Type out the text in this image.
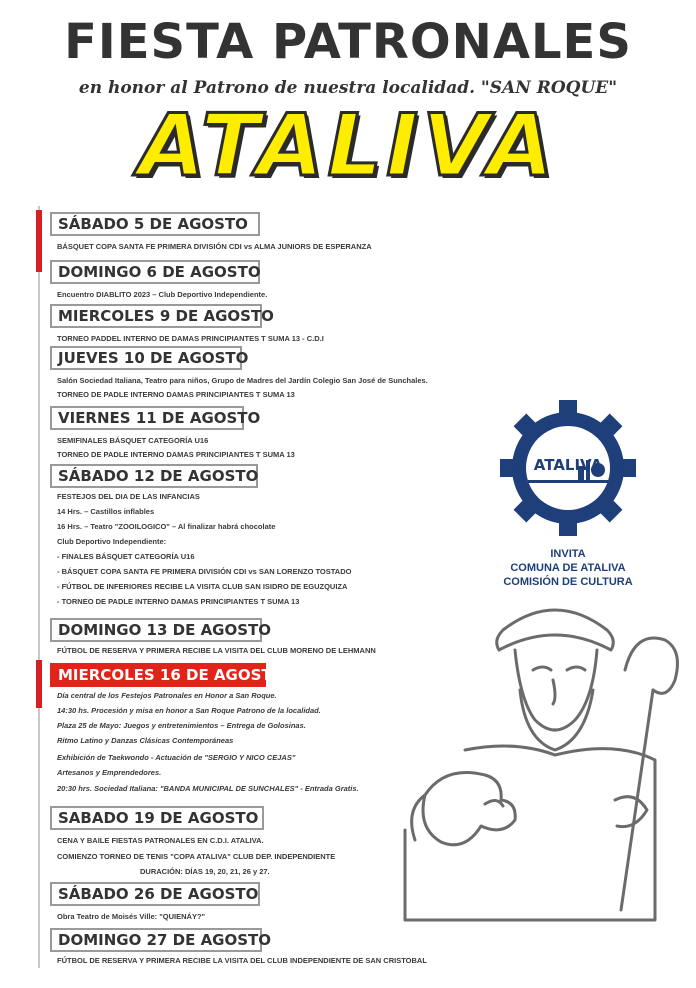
FIESTA PATRONALES
en honor al Patrono de nuestra localidad. "SAN ROQUE"
ATALIVA
SÁBADO 5 DE AGOSTO
BÁSQUET COPA SANTA FE PRIMERA DIVISIÓN CDI vs ALMA JUNIORS DE ESPERANZA
DOMINGO 6 DE AGOSTO
Encuentro DIABLITO 2023 – Club Deportivo Independiente.
MIERCOLES 9 DE AGOSTO
TORNEO PADDEL INTERNO DE DAMAS PRINCIPIANTES T SUMA 13 - C.D.I
JUEVES 10 DE AGOSTO
Salón Sociedad Italiana, Teatro para niños, Grupo de Madres del Jardín Colegio San José de Sunchales.
TORNEO DE PADLE INTERNO DAMAS PRINCIPIANTES T SUMA 13
VIERNES 11 DE AGOSTO
SEMIFINALES BÁSQUET CATEGORÍA U16
TORNEO DE PADLE INTERNO DAMAS PRINCIPIANTES T SUMA 13
SÁBADO 12 DE AGOSTO
FESTEJOS DEL DIA DE LAS INFANCIAS
14 Hrs. – Castillos inflables
16 Hrs. – Teatro "ZOOILOGICO" – Al finalizar habrá chocolate
Club Deportivo Independiente:
- FINALES BÁSQUET CATEGORÍA U16
- BÁSQUET COPA SANTA FE PRIMERA DIVISIÓN CDI vs SAN LORENZO TOSTADO
- FÚTBOL DE INFERIORES RECIBE LA VISITA CLUB SAN ISIDRO DE EGUZQUIZA
- TORNEO DE PADLE INTERNO DAMAS PRINCIPIANTES T SUMA 13
DOMINGO 13 DE AGOSTO
FÚTBOL DE RESERVA Y PRIMERA RECIBE LA VISITA DEL CLUB MORENO DE LEHMANN
MIERCOLES 16 DE AGOSTO
Día central de los Festejos Patronales en Honor a San Roque.
14:30 hs. Procesión y misa en honor a San Roque Patrono de la localidad.
Plaza 25 de Mayo: Juegos y entretenimientos – Entrega de Golosinas.
Ritmo Latino y Danzas Clásicas Contemporáneas
Exhibición de Taekwondo - Actuación de "SERGIO Y NICO CEJAS"
Artesanos y Emprendedores.
20:30 hrs. Sociedad Italiana: "BANDA MUNICIPAL DE SUNCHALES" - Entrada Gratis.
SABADO 19 DE AGOSTO
CENA Y BAILE FIESTAS PATRONALES EN C.D.I. ATALIVA.
COMIENZO TORNEO DE TENIS "COPA ATALIVA" CLUB DEP. INDEPENDIENTE
DURACIÓN: DÍAS 19, 20, 21, 26 y 27.
SÁBADO 26 DE AGOSTO
Obra Teatro de Moisés Ville: "QUIENÁY?"
DOMINGO 27 DE AGOSTO
FÚTBOL DE RESERVA Y PRIMERA RECIBE LA VISITA DEL CLUB INDEPENDIENTE DE SAN CRISTOBAL
ATALIVA
INVITA
COMUNA DE ATALIVA
COMISIÓN DE CULTURA
